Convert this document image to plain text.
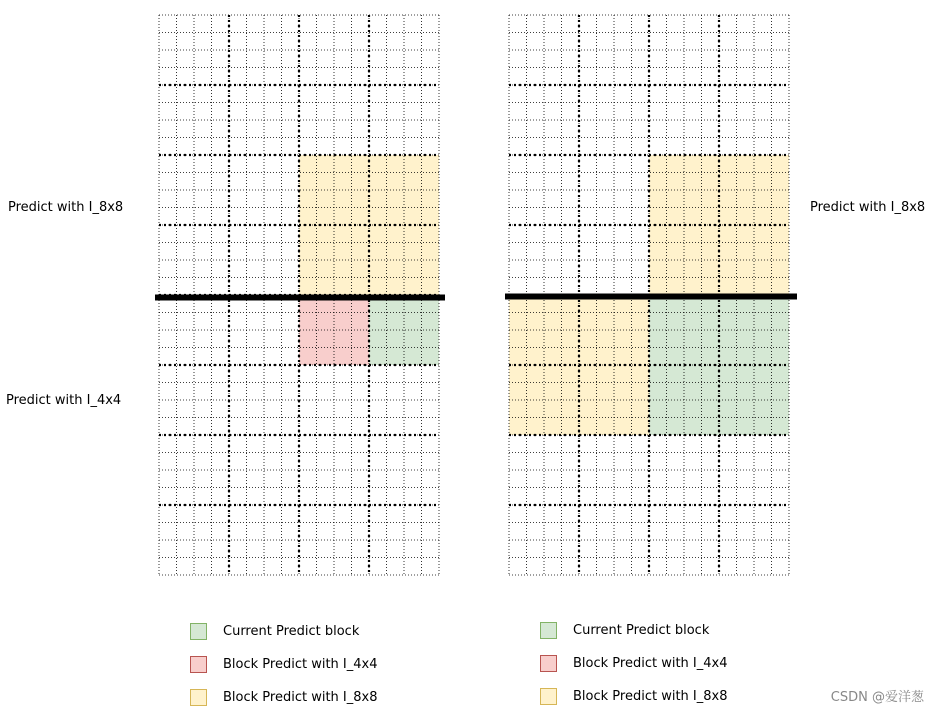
Predict with I_8x8
Predict with I_4x4
Predict with I_8x8
Current Predict block
Block Predict with I_4x4
Block Predict with I_8x8
Current Predict block
Block Predict with I_4x4
Block Predict with I_8x8	CSDN @爱洋葱
